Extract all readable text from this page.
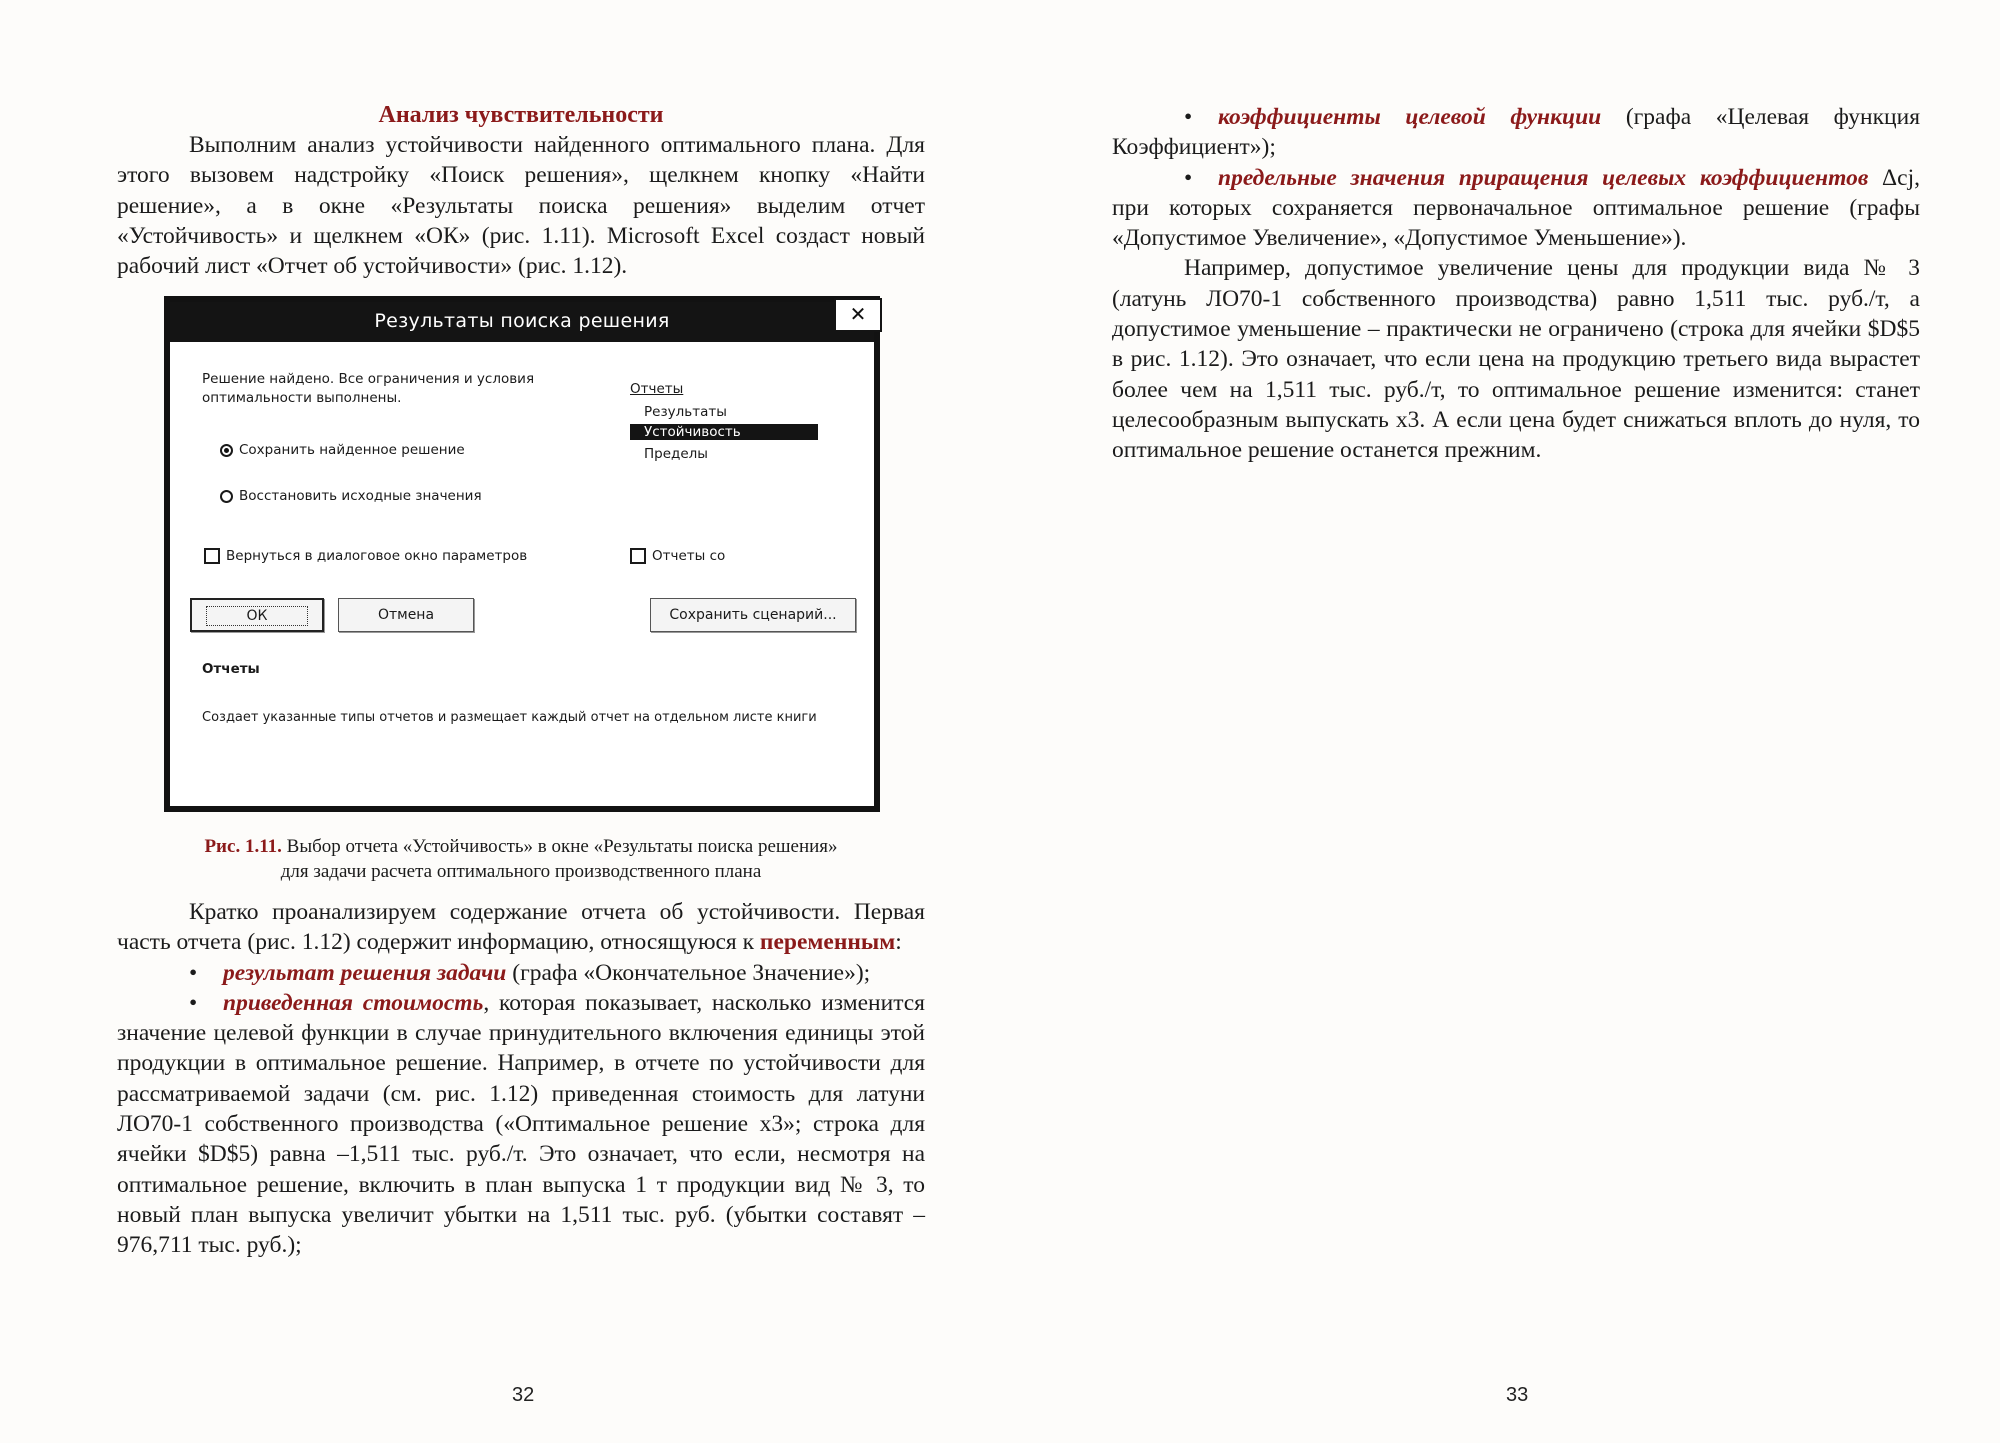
Анализ чувствительности

Выполним анализ устойчивости найденного оптимального плана. Для этого вызовем надстройку «Поиск решения», щелкнем кнопку «Найти решение», а в окне «Результаты поиска решения» выделим отчет «Устойчивость» и щелкнем «ОК» (рис. 1.11). Microsoft Excel создаст новый рабочий лист «Отчет об устойчивости» (рис. 1.12).

Результаты поиска решения	✕
Решение найдено. Все ограничения и условия оптимальности выполнены.
Сохранить найденное решение
Восстановить исходные значения
Отчеты
Результаты
Устойчивость
Пределы
Вернуться в диалоговое окно параметров	Отчеты со
ОК	Отмена	Сохранить сценарий...
Отчеты
Создает указанные типы отчетов и размещает каждый отчет на отдельном листе книги
Рис. 1.11. Выбор отчета «Устойчивость» в окне «Результаты поиска решения»
для задачи расчета оптимального производственного плана

Кратко проанализируем содержание отчета об устойчивости. Первая часть отчета (рис. 1.12) содержит информацию, относящуюся к переменным:

• результат решения задачи (графа «Окончательное Значение»);

• приведенная стоимость, которая показывает, насколько изменится значение целевой функции в случае принудительного включения единицы этой продукции в оптимальное решение. Например, в отчете по устойчивости для рассматриваемой задачи (см. рис. 1.12) приведенная стоимость для латуни ЛО70-1 собственного производства («Оптимальное решение х3»; строка для ячейки $D$5) равна –1,511 тыс. руб./т. Это означает, что если, несмотря на оптимальное решение, включить в план выпуска 1 т продукции вид № 3, то новый план выпуска увеличит убытки на 1,511 тыс. руб. (убытки составят –976,711 тыс. руб.);

32

• коэффициенты целевой функции (графа «Целевая функция Коэффициент»);

• предельные значения приращения целевых коэффициентов Δcj, при которых сохраняется первоначальное оптимальное решение (графы «Допустимое Увеличение», «Допустимое Уменьшение»).

Например, допустимое увеличение цены для продукции вида № 3 (латунь ЛО70-1 собственного производства) равно 1,511 тыс. руб./т, а допустимое уменьшение – практически не ограничено (строка для ячейки $D$5 в рис. 1.12). Это означает, что если цена на продукцию третьего вида вырастет более чем на 1,511 тыс. руб./т, то оптимальное решение изменится: станет целесообразным выпускать x3. А если цена будет снижаться вплоть до нуля, то оптимальное решение останется прежним.

33
